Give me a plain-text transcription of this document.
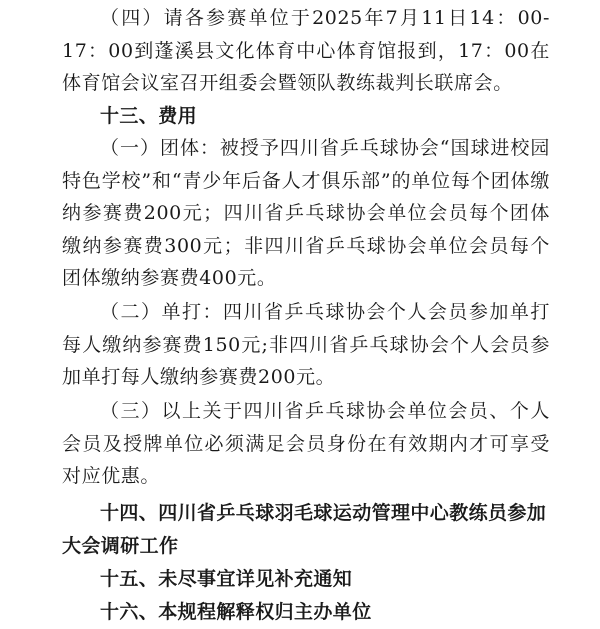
（四）请各参赛单位于2025年7月11日14：00-17：00到蓬溪县文化体育中心体育馆报到，17：00在体育馆会议室召开组委会暨领队教练裁判长联席会。

十三、费用

（一）团体：被授予四川省乒乓球协会“国球进校园特色学校”和“青少年后备人才俱乐部”的单位每个团体缴纳参赛费200元；四川省乒乓球协会单位会员每个团体缴纳参赛费300元；非四川省乒乓球协会单位会员每个团体缴纳参赛费400元。

（二）单打：四川省乒乓球协会个人会员参加单打每人缴纳参赛费150元;非四川省乒乓球协会个人会员参加单打每人缴纳参赛费200元。

（三）以上关于四川省乒乓球协会单位会员、个人会员及授牌单位必须满足会员身份在有效期内才可享受对应优惠。

十四、四川省乒乓球羽毛球运动管理中心教练员参加大会调研工作

十五、未尽事宜详见补充通知

十六、本规程解释权归主办单位
